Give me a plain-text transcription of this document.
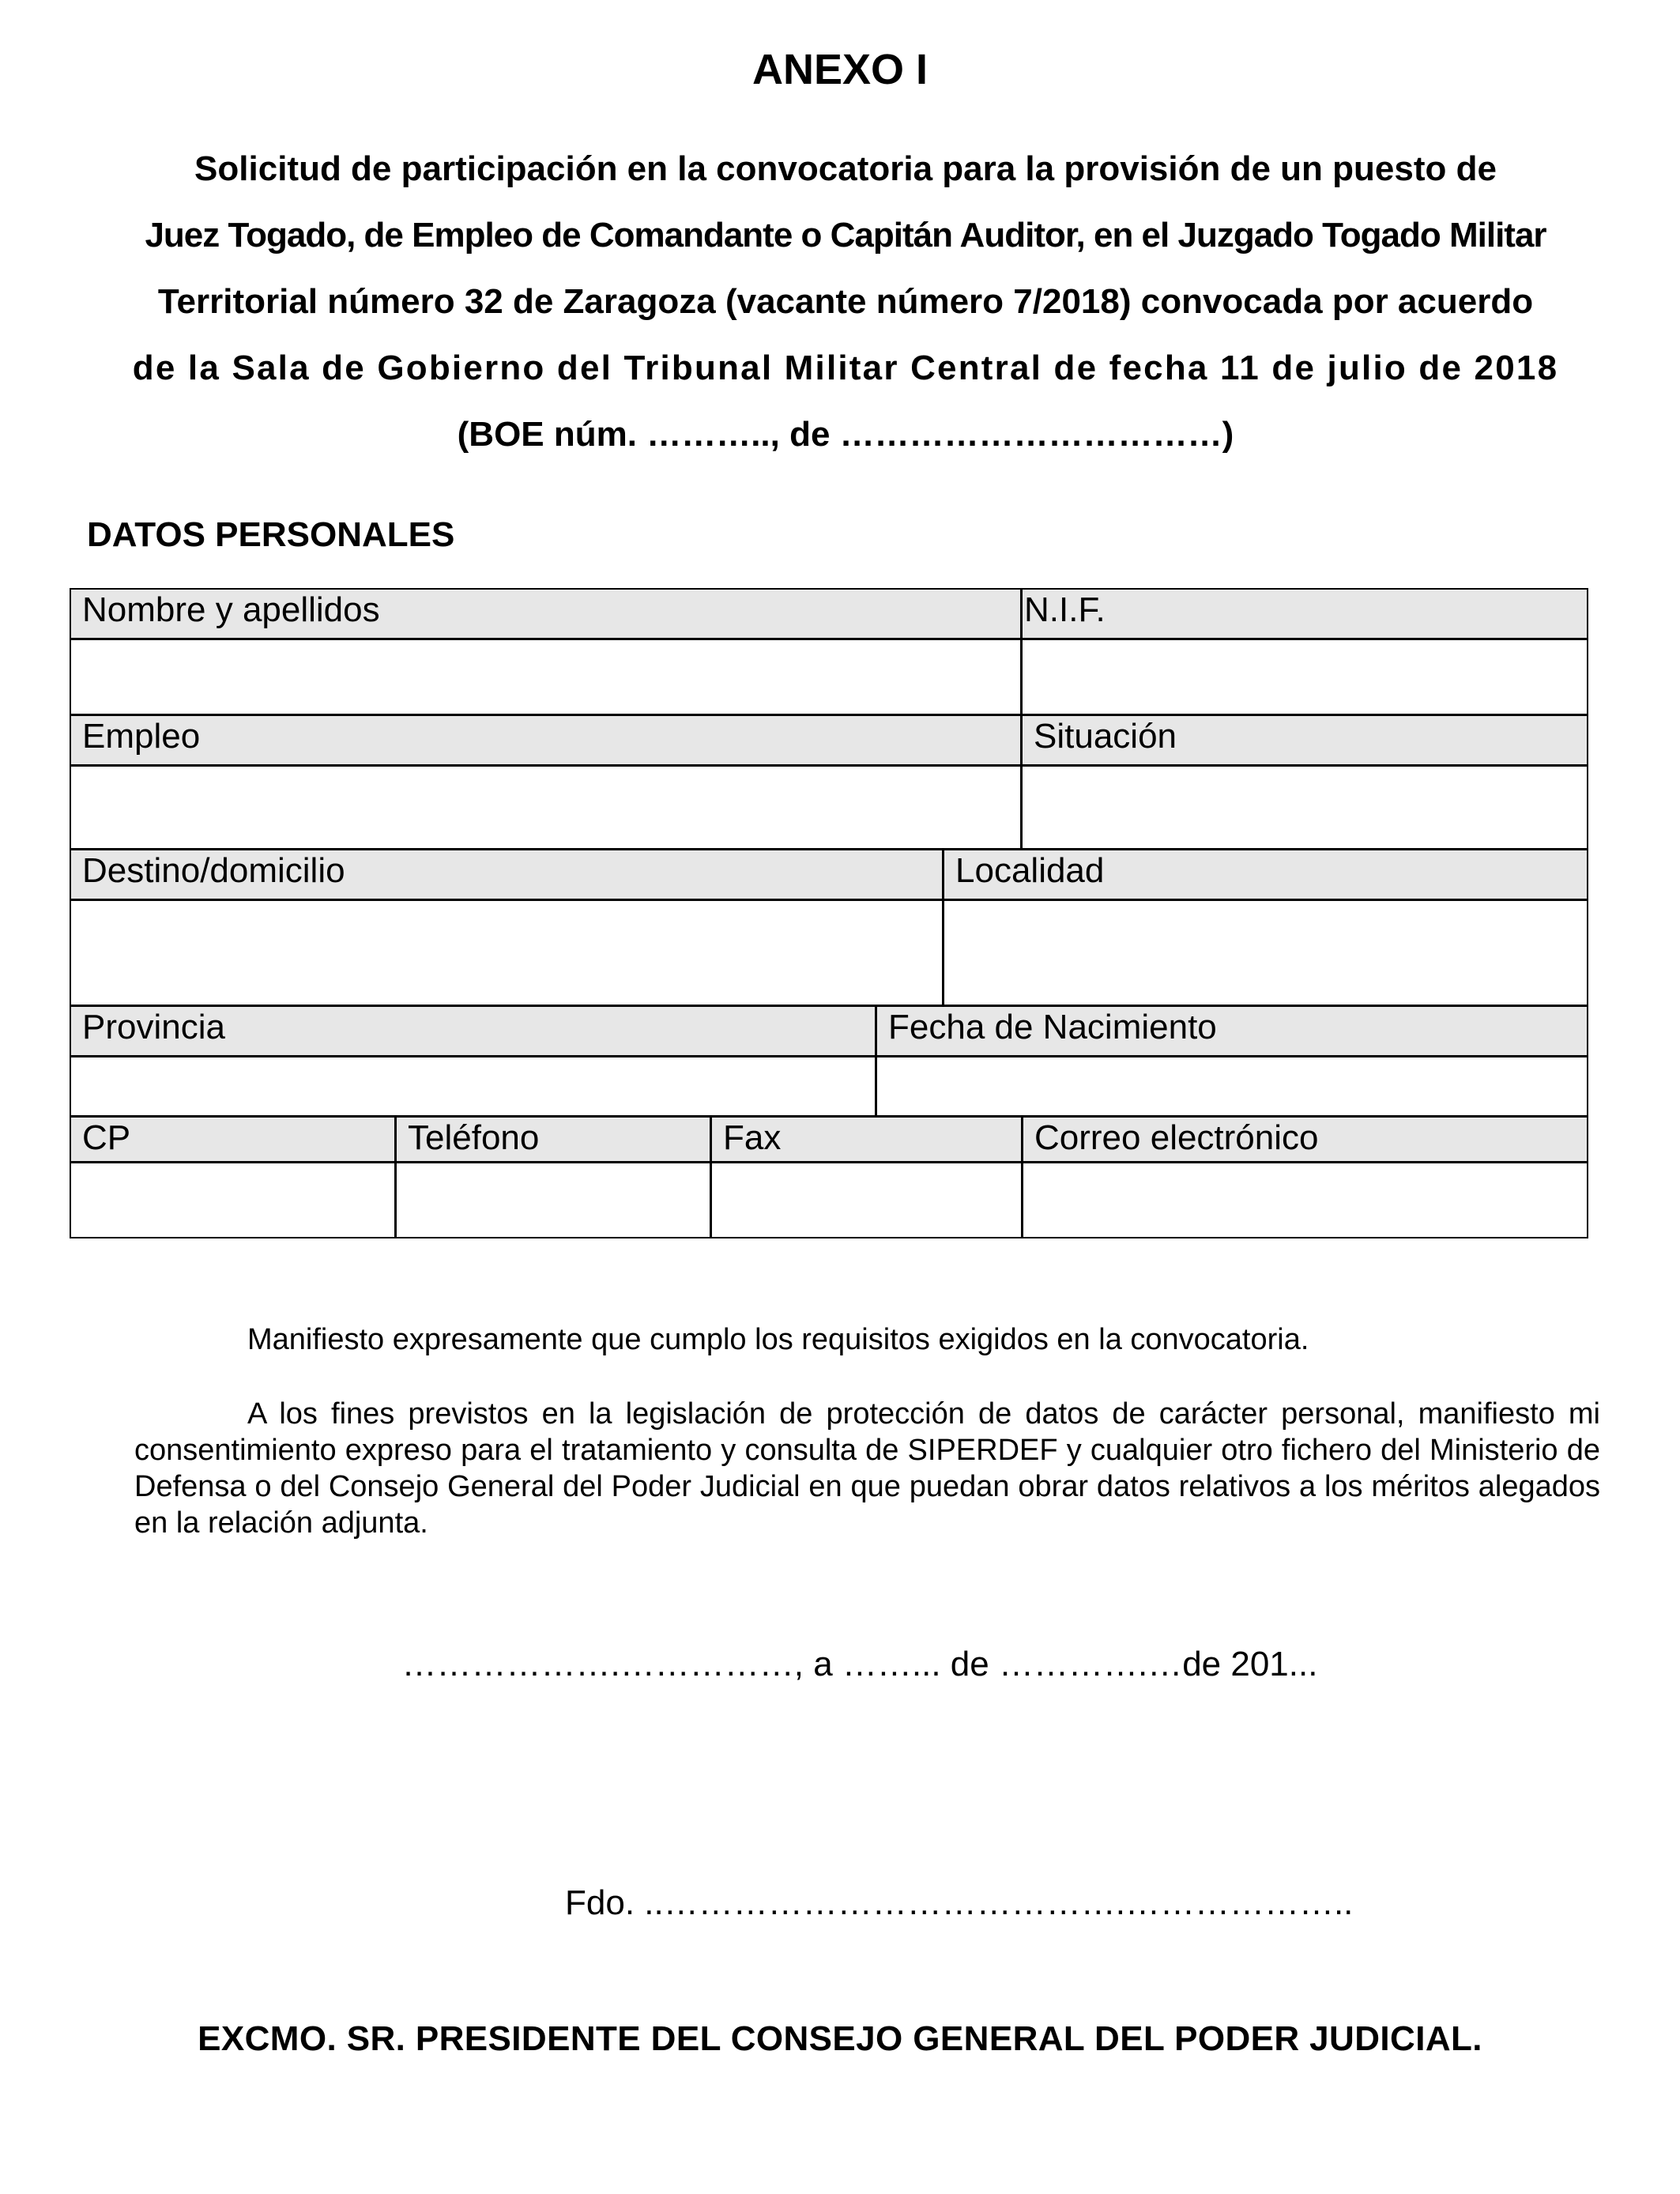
ANEXO I
Solicitud de participación en la convocatoria para la provisión de un puesto de
Juez Togado, de Empleo de Comandante o Capitán Auditor, en el Juzgado Togado Militar
Territorial número 32 de Zaragoza (vacante número 7/2018) convocada por acuerdo
de la Sala de Gobierno del Tribunal Militar Central de fecha 11 de julio de 2018
(BOE núm. ……….., de ……………………………)
DATOS PERSONALES
Nombre y apellidos	N.I.F.
Empleo	Situación
Destino/domicilio	Localidad
Provincia	Fecha de Nacimiento
CP	Teléfono	Fax	Correo electrónico
Manifiesto expresamente que cumplo los requisitos exigidos en la convocatoria.
A los fines previstos en la legislación de protección de datos de carácter personal, manifiesto mi consentimiento expreso para el tratamiento y consulta de SIPERDEF y cualquier otro fichero del Ministerio de Defensa o del Consejo General del Poder Judicial en que puedan obrar datos relativos a los méritos alegados en la relación adjunta.
……………….……………, a ……... de ………….…de 201...
Fdo. ..………………………………….………………..
EXCMO. SR. PRESIDENTE DEL CONSEJO GENERAL DEL PODER JUDICIAL.
